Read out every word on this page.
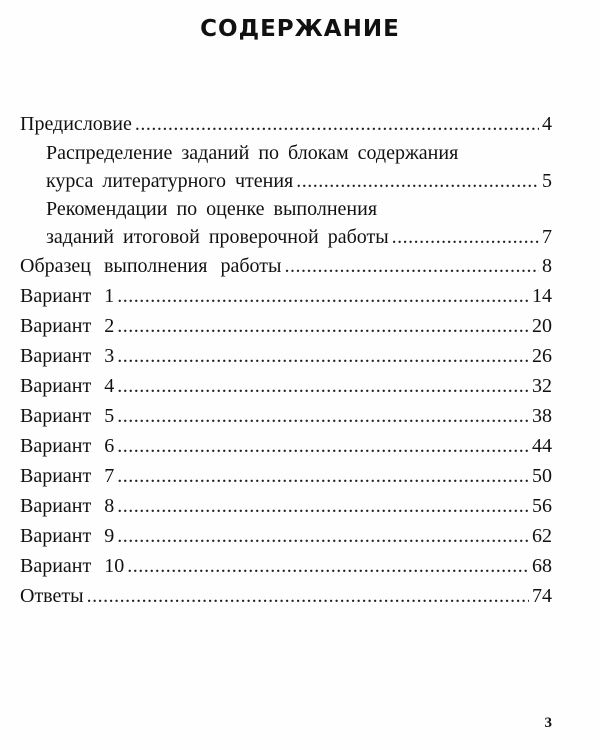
СОДЕРЖАНИЕ
Предисловие .....	4
Распределение заданий по блокам содержания
курса литературного чтения .....	5
Рекомендации по оценке выполнения
заданий итоговой проверочной работы .....	7
Образец выполнения работы .....	8
Вариант 1 .....	14
Вариант 2 .....	20
Вариант 3 .....	26
Вариант 4 .....	32
Вариант 5 .....	38
Вариант 6 .....	44
Вариант 7 .....	50
Вариант 8 .....	56
Вариант 9 .....	62
Вариант 10 .....	68
Ответы .....	74
3
